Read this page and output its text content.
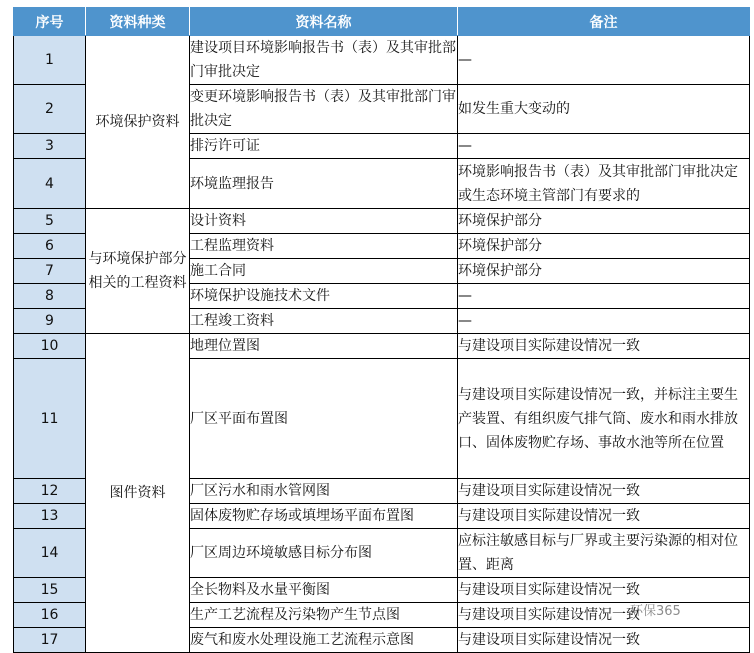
序号	资料种类	资料名称	备注
1	环境保护资料	建设项目环境影响报告书（表）及其审批部门审批决定	—
2		变更环境影响报告书（表）及其审批部门审批决定	如发生重大变动的
3		排污许可证	—
4		环境监理报告	环境影响报告书（表）及其审批部门审批决定或生态环境主管部门有要求的
5	与环境保护部分相关的工程资料	设计资料	环境保护部分
6		工程监理资料	环境保护部分
7		施工合同	环境保护部分
8		环境保护设施技术文件	—
9		工程竣工资料	—
10	图件资料	地理位置图	与建设项目实际建设情况一致
11		厂区平面布置图	与建设项目实际建设情况一致，并标注主要生产装置、有组织废气排气筒、废水和雨水排放口、固体废物贮存场、事故水池等所在位置
12		厂区污水和雨水管网图	与建设项目实际建设情况一致
13		固体废物贮存场或填埋场平面布置图	与建设项目实际建设情况一致
14		厂区周边环境敏感目标分布图	应标注敏感目标与厂界或主要污染源的相对位置、距离
15		全长物料及水量平衡图	与建设项目实际建设情况一致
16		生产工艺流程及污染物产生节点图	与建设项目实际建设情况一致
17		废气和废水处理设施工艺流程示意图	与建设项目实际建设情况一致
环保365
